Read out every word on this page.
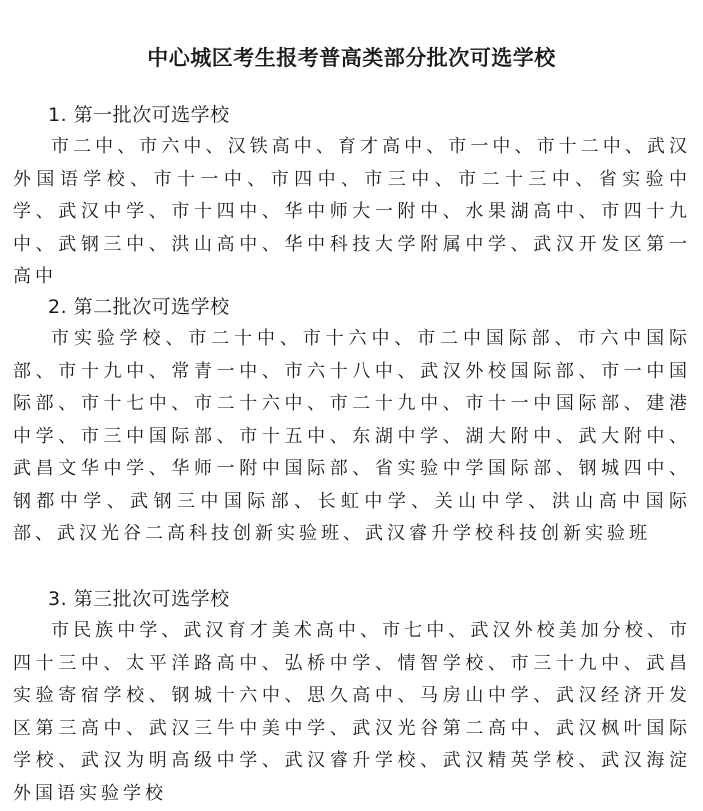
中心城区考生报考普高类部分批次可选学校
1. 第一批次可选学校
市二中、市六中、汉铁高中、育才高中、市一中、市十二中、武汉外国语学校、市十一中、市四中、市三中、市二十三中、省实验中学、武汉中学、市十四中、华中师大一附中、水果湖高中、市四十九中、武钢三中、洪山高中、华中科技大学附属中学、武汉开发区第一高中
2. 第二批次可选学校
市实验学校、市二十中、市十六中、市二中国际部、市六中国际部、市十九中、常青一中、市六十八中、武汉外校国际部、市一中国际部、市十七中、市二十六中、市二十九中、市十一中国际部、建港中学、市三中国际部、市十五中、东湖中学、湖大附中、武大附中、武昌文华中学、华师一附中国际部、省实验中学国际部、钢城四中、钢都中学、武钢三中国际部、长虹中学、关山中学、洪山高中国际部、武汉光谷二高科技创新实验班、武汉睿升学校科技创新实验班
3. 第三批次可选学校
市民族中学、武汉育才美术高中、市七中、武汉外校美加分校、市四十三中、太平洋路高中、弘桥中学、情智学校、市三十九中、武昌实验寄宿学校、钢城十六中、思久高中、马房山中学、武汉经济开发区第三高中、武汉三牛中美中学、武汉光谷第二高中、武汉枫叶国际学校、武汉为明高级中学、武汉睿升学校、武汉精英学校、武汉海淀外国语实验学校
